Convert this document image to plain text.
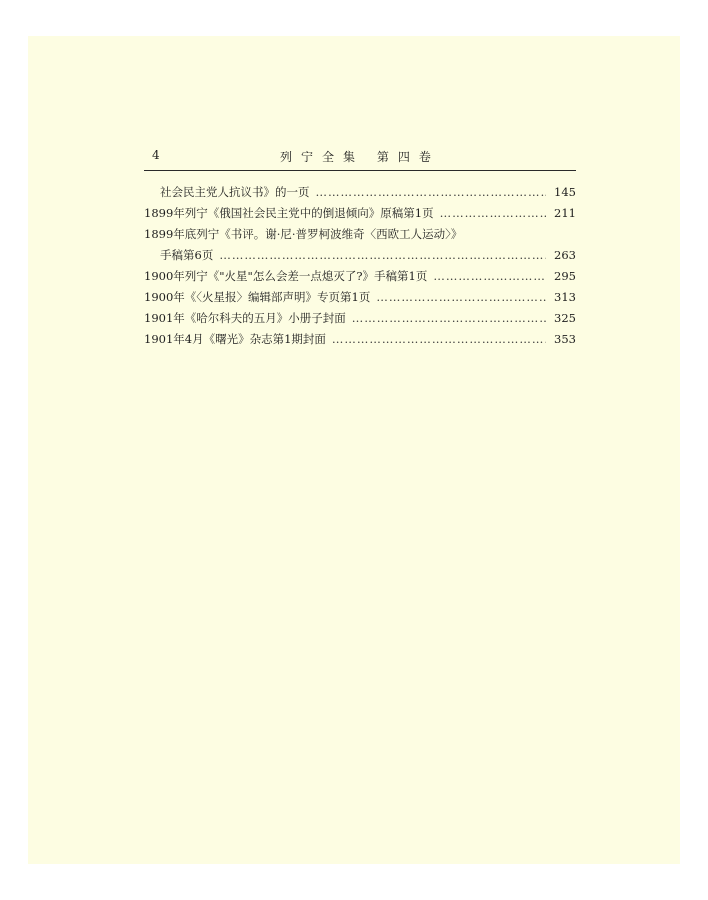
4	列宁全集 第四卷
社会民主党人抗议书》的一页 …………………………………………………………………………………………………………	145
1899年列宁《俄国社会民主党中的倒退倾向》原稿第1页 …………………………………………………………………………………………………………	211
1899年底列宁《书评。谢·尼·普罗柯波维奇〈西欧工人运动〉》
手稿第6页 …………………………………………………………………………………………………………	263
1900年列宁《"火星"怎么会差一点熄灭了?》手稿第1页 …………………………………………………………………………………………………………	295
1900年《〈火星报〉编辑部声明》专页第1页 …………………………………………………………………………………………………………	313
1901年《哈尔科夫的五月》小册子封面 …………………………………………………………………………………………………………	325
1901年4月《曙光》杂志第1期封面 …………………………………………………………………………………………………………	353
